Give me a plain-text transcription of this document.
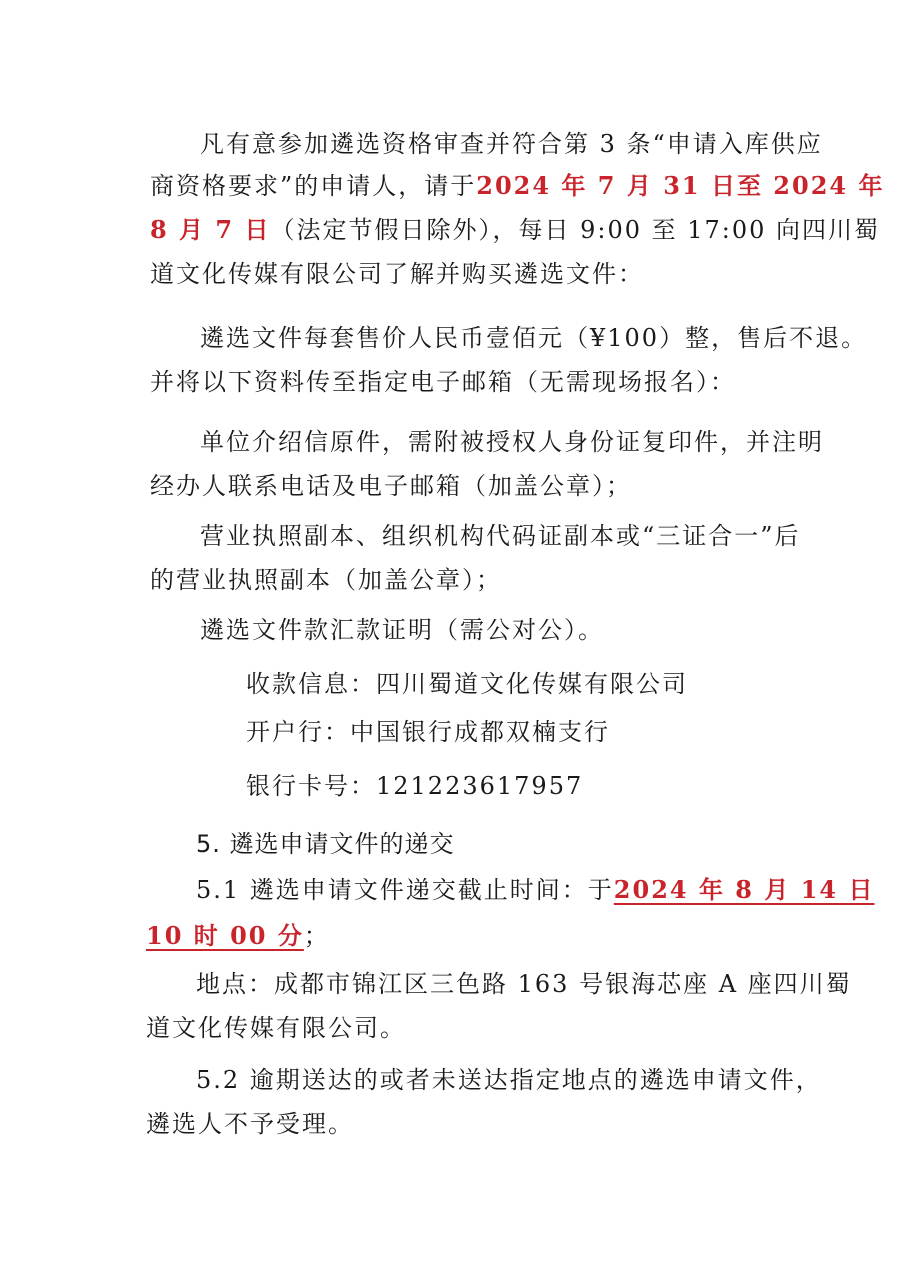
凡有意参加遴选资格审查并符合第 3 条“申请入库供应
商资格要求”的申请人，请于2024 年 7 月 31 日至 2024 年
8 月 7 日（法定节假日除外），每日 9:00 至 17:00 向四川蜀
道文化传媒有限公司了解并购买遴选文件：
遴选文件每套售价人民币壹佰元（¥100）整，售后不退。
并将以下资料传至指定电子邮箱（无需现场报名）：
单位介绍信原件，需附被授权人身份证复印件，并注明
经办人联系电话及电子邮箱（加盖公章）；
营业执照副本、组织机构代码证副本或“三证合一”后
的营业执照副本（加盖公章）；
遴选文件款汇款证明（需公对公）。
收款信息：四川蜀道文化传媒有限公司
开户行：中国银行成都双楠支行
银行卡号：121223617957
5. 遴选申请文件的递交
5.1 遴选申请文件递交截止时间：于2024 年 8 月 14 日
10 时 00 分；
地点：成都市锦江区三色路 163 号银海芯座 A 座四川蜀
道文化传媒有限公司。
5.2 逾期送达的或者未送达指定地点的遴选申请文件，
遴选人不予受理。
